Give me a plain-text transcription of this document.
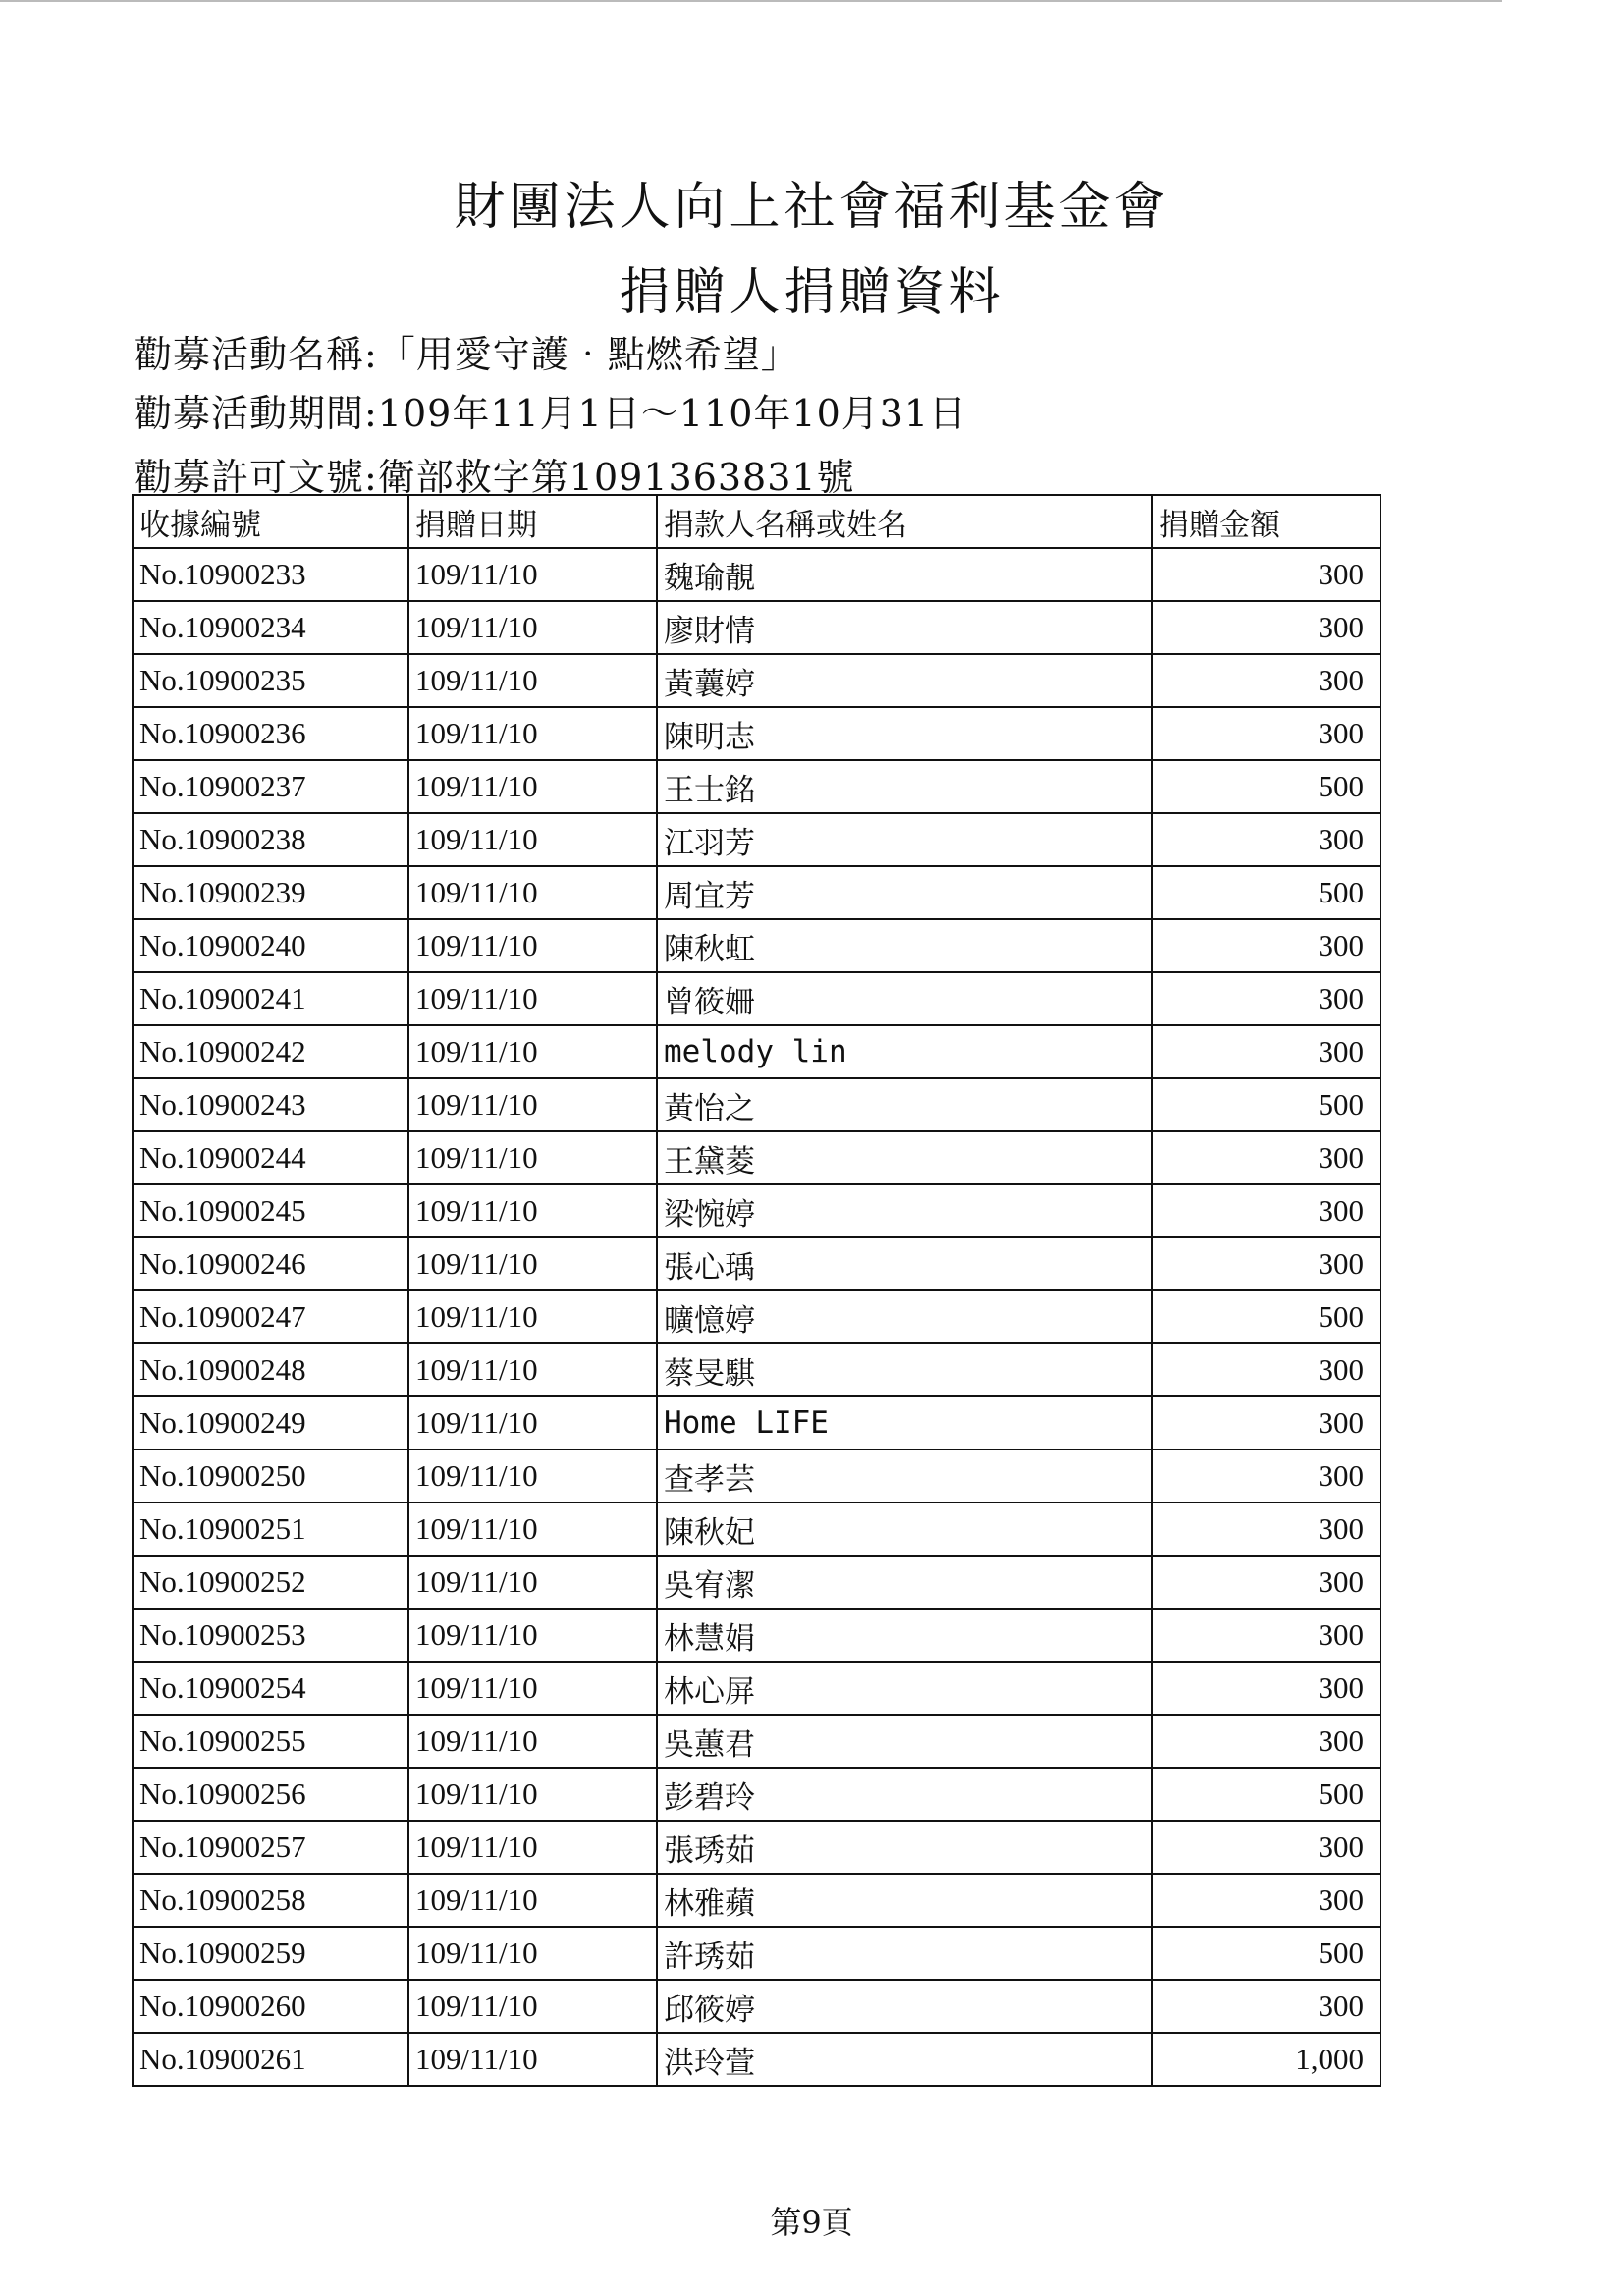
財團法人向上社會福利基金會
捐贈人捐贈資料
勸募活動名稱:「用愛守護‧點燃希望」
勸募活動期間:109年11月1日～110年10月31日
勸募許可文號:衛部救字第1091363831號
收據編號	捐贈日期	捐款人名稱或姓名	捐贈金額
No.10900233	109/11/10	魏瑜靚	300
No.10900234	109/11/10	廖財情	300
No.10900235	109/11/10	黃蘘婷	300
No.10900236	109/11/10	陳明志	300
No.10900237	109/11/10	王士銘	500
No.10900238	109/11/10	江羽芳	300
No.10900239	109/11/10	周宜芳	500
No.10900240	109/11/10	陳秋虹	300
No.10900241	109/11/10	曾筱姍	300
No.10900242	109/11/10	melody lin	300
No.10900243	109/11/10	黃怡之	500
No.10900244	109/11/10	王黛菱	300
No.10900245	109/11/10	梁惋婷	300
No.10900246	109/11/10	張心瑀	300
No.10900247	109/11/10	曠憶婷	500
No.10900248	109/11/10	蔡旻騏	300
No.10900249	109/11/10	Home LIFE	300
No.10900250	109/11/10	查孝芸	300
No.10900251	109/11/10	陳秋妃	300
No.10900252	109/11/10	吳宥潔	300
No.10900253	109/11/10	林慧娟	300
No.10900254	109/11/10	林心屏	300
No.10900255	109/11/10	吳蕙君	300
No.10900256	109/11/10	彭碧玲	500
No.10900257	109/11/10	張琇茹	300
No.10900258	109/11/10	林雅蘋	300
No.10900259	109/11/10	許琇茹	500
No.10900260	109/11/10	邱筱婷	300
No.10900261	109/11/10	洪玲萱	1,000
第9頁
